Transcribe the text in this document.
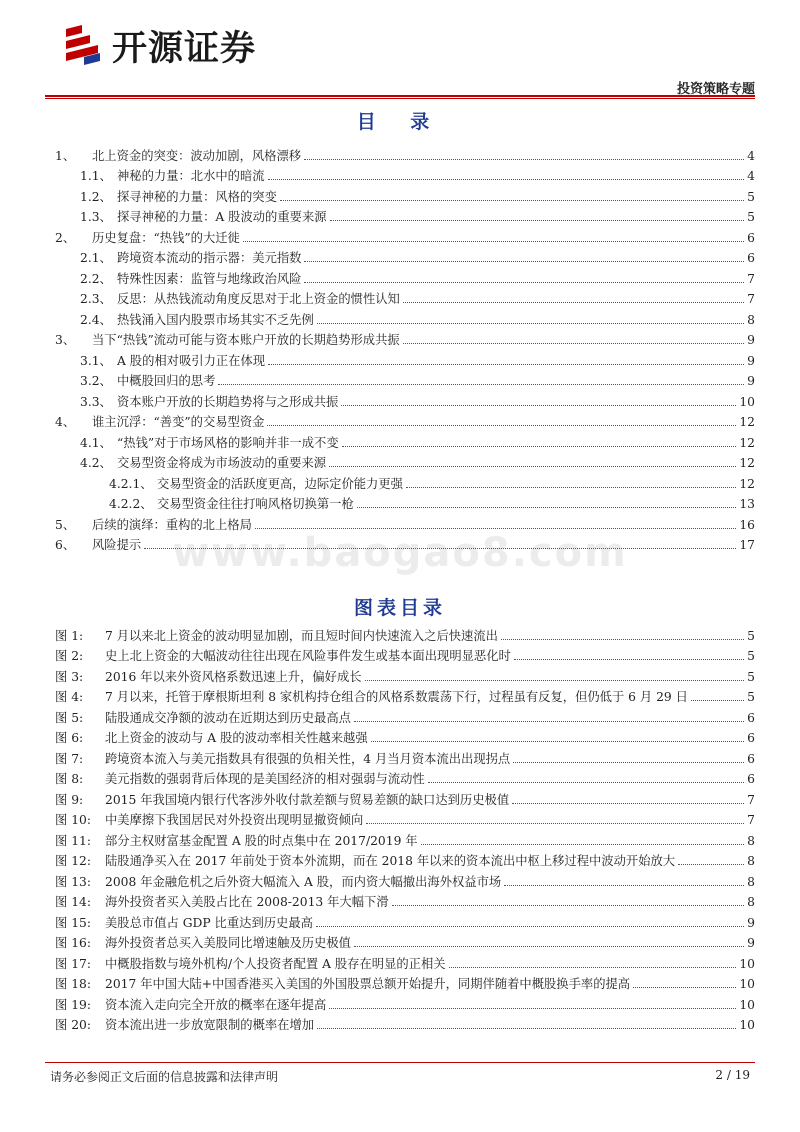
开源证券
投资策略专题
www.baogao8.com
目 录
1、	北上资金的突变：波动加剧，风格漂移	4
1.1、 神秘的力量：北水中的暗流	4
1.2、 探寻神秘的力量：风格的突变	5
1.3、 探寻神秘的力量：A 股波动的重要来源	5
2、	历史复盘：“热钱”的大迁徙	6
2.1、 跨境资本流动的指示器：美元指数	6
2.2、 特殊性因素：监管与地缘政治风险	7
2.3、 反思：从热钱流动角度反思对于北上资金的惯性认知	7
2.4、 热钱涌入国内股票市场其实不乏先例	8
3、	当下“热钱”流动可能与资本账户开放的长期趋势形成共振	9
3.1、 A 股的相对吸引力正在体现	9
3.2、 中概股回归的思考	9
3.3、 资本账户开放的长期趋势将与之形成共振	10
4、	谁主沉浮：“善变”的交易型资金	12
4.1、 “热钱”对于市场风格的影响并非一成不变	12
4.2、 交易型资金将成为市场波动的重要来源	12
4.2.1、 交易型资金的活跃度更高，边际定价能力更强	12
4.2.2、 交易型资金往往打响风格切换第一枪	13
5、	后续的演绎：重构的北上格局	16
6、	风险提示	17
图表目录
图 1:	7 月以来北上资金的波动明显加剧，而且短时间内快速流入之后快速流出	5
图 2:	史上北上资金的大幅波动往往出现在风险事件发生或基本面出现明显恶化时	5
图 3:	2016 年以来外资风格系数迅速上升，偏好成长	5
图 4:	7 月以来，托管于摩根斯坦利 8 家机构持仓组合的风格系数震荡下行，过程虽有反复，但仍低于 6 月 29 日	5
图 5:	陆股通成交净额的波动在近期达到历史最高点	6
图 6:	北上资金的波动与 A 股的波动率相关性越来越强	6
图 7:	跨境资本流入与美元指数具有很强的负相关性，4 月当月资本流出出现拐点	6
图 8:	美元指数的强弱背后体现的是美国经济的相对强弱与流动性	6
图 9:	2015 年我国境内银行代客涉外收付款差额与贸易差额的缺口达到历史极值	7
图 10:	中美摩擦下我国居民对外投资出现明显撤资倾向	7
图 11:	部分主权财富基金配置 A 股的时点集中在 2017/2019 年	8
图 12:	陆股通净买入在 2017 年前处于资本外流期，而在 2018 年以来的资本流出中枢上移过程中波动开始放大	8
图 13:	2008 年金融危机之后外资大幅流入 A 股，而内资大幅撤出海外权益市场	8
图 14:	海外投资者买入美股占比在 2008-2013 年大幅下滑	8
图 15:	美股总市值占 GDP 比重达到历史最高	9
图 16:	海外投资者总买入美股同比增速触及历史极值	9
图 17:	中概股指数与境外机构/个人投资者配置 A 股存在明显的正相关	10
图 18:	2017 年中国大陆+中国香港买入美国的外国股票总额开始提升，同期伴随着中概股换手率的提高	10
图 19:	资本流入走向完全开放的概率在逐年提高	10
图 20:	资本流出进一步放宽限制的概率在增加	10
请务必参阅正文后面的信息披露和法律声明	2 / 19
